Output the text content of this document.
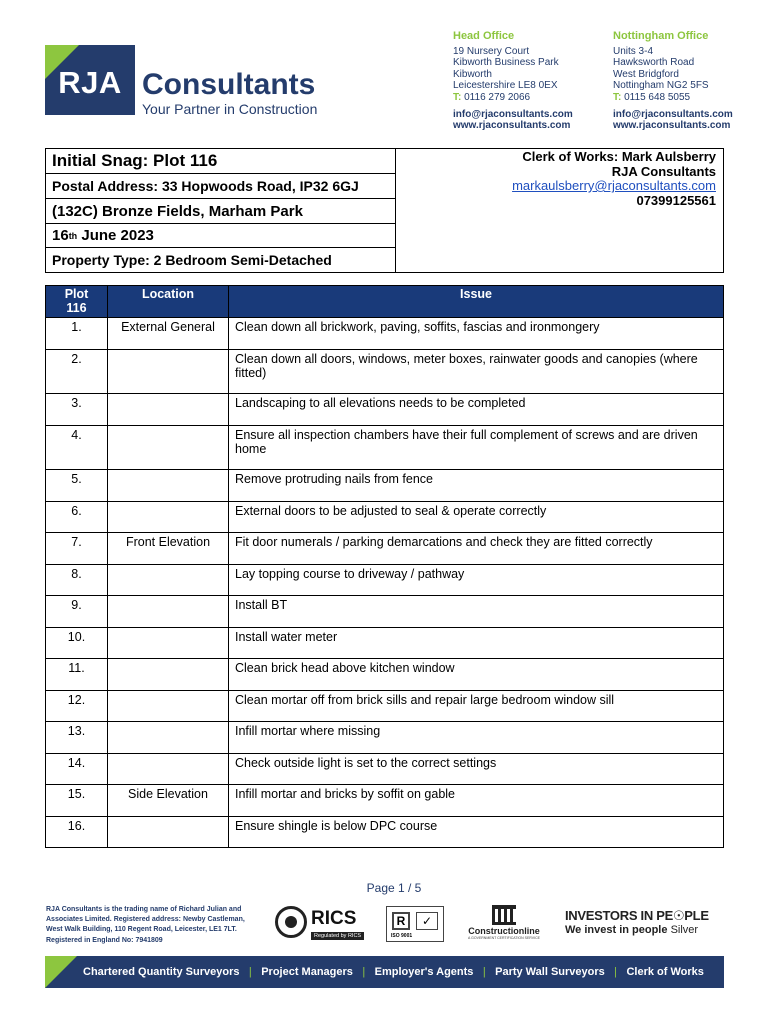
RJA Consultants
Your Partner in Construction
Head Office
19 Nursery Court
Kibworth Business Park
Kibworth
Leicestershire LE8 0EX
T: 0116 279 2066
info@rjaconsultants.com
www.rjaconsultants.com
Nottingham Office
Units 3-4
Hawksworth Road
West Bridgford
Nottingham NG2 5FS
T: 0115 648 5055
info@rjaconsultants.com
www.rjaconsultants.com
Initial Snag: Plot 116
Postal Address: 33 Hopwoods Road, IP32 6GJ
(132C) Bronze Fields, Marham Park
16 th June 2023
Property Type: 2 Bedroom Semi-Detached
Clerk of Works: Mark Aulsberry
RJA Consultants
markaulsberry@rjaconsultants.com
07399125561
Plot
116	Location	Issue
1.	External General	Clean down all brickwork, paving, soffits, fascias and ironmongery
2.		Clean down all doors, windows, meter boxes, rainwater goods and canopies (where fitted)
3.		Landscaping to all elevations needs to be completed
4.		Ensure all inspection chambers have their full complement of screws and are driven home
5.		Remove protruding nails from fence
6.		External doors to be adjusted to seal & operate correctly
7.	Front Elevation	Fit door numerals / parking demarcations and check they are fitted correctly
8.		Lay topping course to driveway / pathway
9.		Install BT
10.		Install water meter
11.		Clean brick head above kitchen window
12.		Clean mortar off from brick sills and repair large bedroom window sill
13.		Infill mortar where missing
14.		Check outside light is set to the correct settings
15.	Side Elevation	Infill mortar and bricks by soffit on gable
16.		Ensure shingle is below DPC course
Page 1 / 5
RJA Consultants is the trading name of Richard Julian and Associates Limited. Registered address: Newby Castleman, West Walk Building, 110 Regent Road, Leicester, LE1 7LT. Registered in England No: 7941809
RICS
Regulated by RICS
R	✓
ISO 9001	Constructionline
A GOVERNMENT CERTIFICATION SERVICE
INVESTORS IN PE☉PLE
We invest in people Silver
Chartered Quantity Surveyors | Project Managers | Employer's Agents | Party Wall Surveyors | Clerk of Works
